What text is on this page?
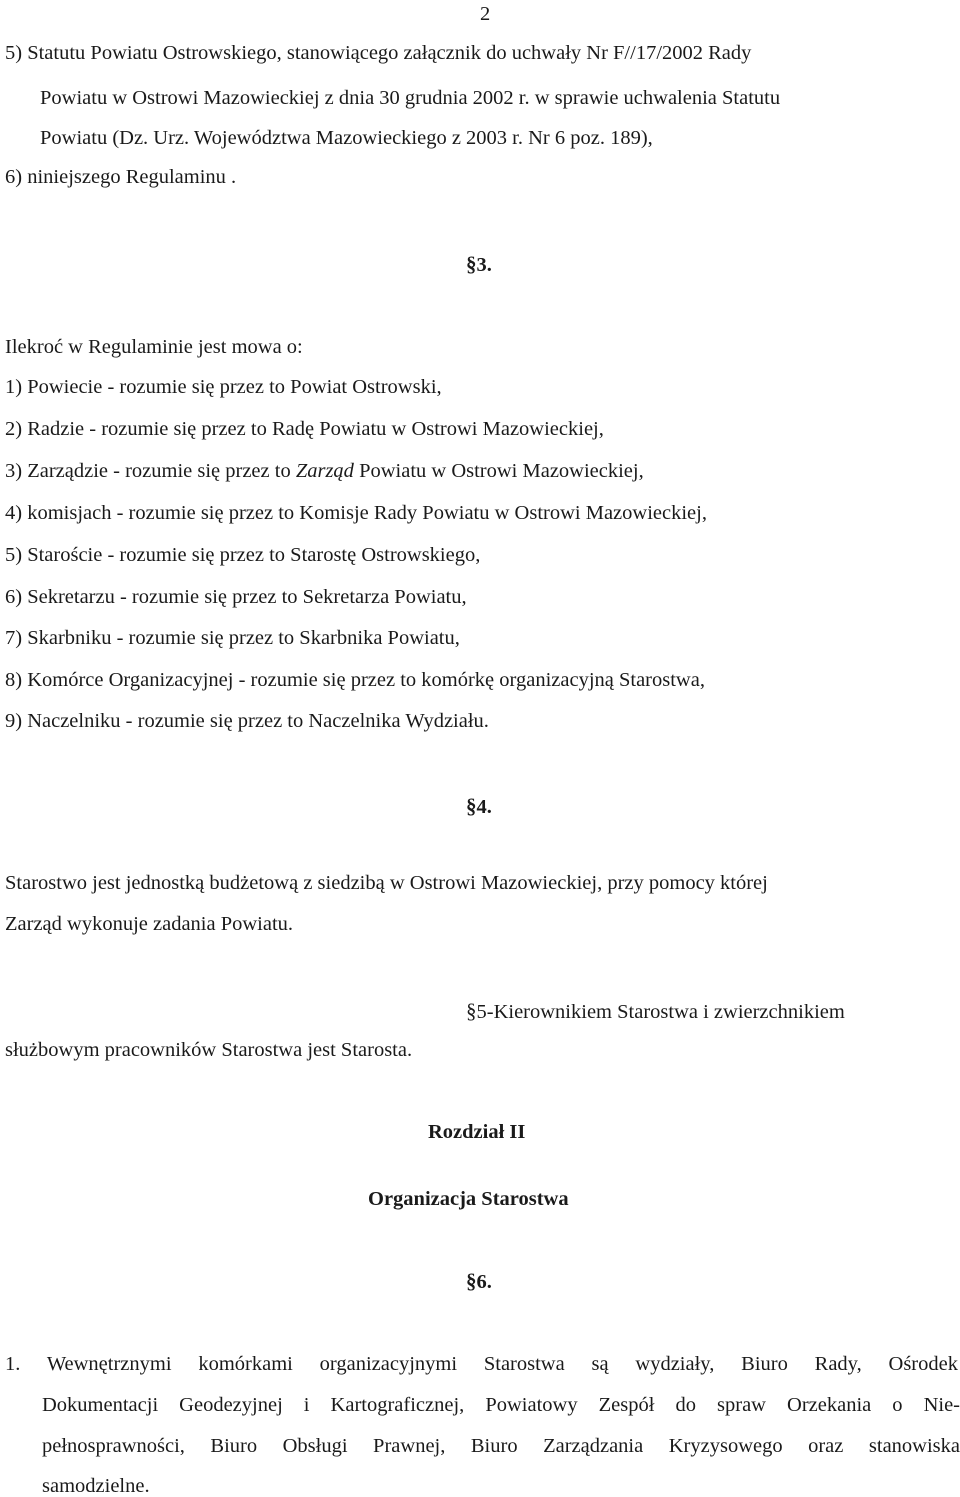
2
5) Statutu Powiatu Ostrowskiego, stanowiącego załącznik do uchwały Nr F//17/2002 Rady
Powiatu w Ostrowi Mazowieckiej z dnia 30 grudnia 2002 r. w sprawie uchwalenia Statutu
Powiatu (Dz. Urz. Województwa Mazowieckiego z 2003 r. Nr 6 poz. 189),
6) niniejszego Regulaminu .
§3.
Ilekroć w Regulaminie jest mowa o:
1) Powiecie - rozumie się przez to Powiat Ostrowski,
2) Radzie - rozumie się przez to Radę Powiatu w Ostrowi Mazowieckiej,
3) Zarządzie - rozumie się przez to Zarząd Powiatu w Ostrowi Mazowieckiej,
4) komisjach - rozumie się przez to Komisje Rady Powiatu w Ostrowi Mazowieckiej,
5) Staroście - rozumie się przez to Starostę Ostrowskiego,
6) Sekretarzu - rozumie się przez to Sekretarza Powiatu,
7) Skarbniku - rozumie się przez to Skarbnika Powiatu,
8) Komórce Organizacyjnej - rozumie się przez to komórkę organizacyjną Starostwa,
9) Naczelniku - rozumie się przez to Naczelnika Wydziału.
§4.
Starostwo jest jednostką budżetową z siedzibą w Ostrowi Mazowieckiej, przy pomocy której
Zarząd wykonuje zadania Powiatu.
§5-Kierownikiem Starostwa i zwierzchnikiem
służbowym pracowników Starostwa jest Starosta.
Rozdział II
Organizacja Starostwa
§6.
1. Wewnętrznymi komórkami organizacyjnymi Starostwa są wydziały, Biuro Rady, Ośrodek
Dokumentacji Geodezyjnej i Kartograficznej, Powiatowy Zespół do spraw Orzekania o Nie-
pełnosprawności, Biuro Obsługi Prawnej, Biuro Zarządzania Kryzysowego oraz stanowiska
samodzielne.
